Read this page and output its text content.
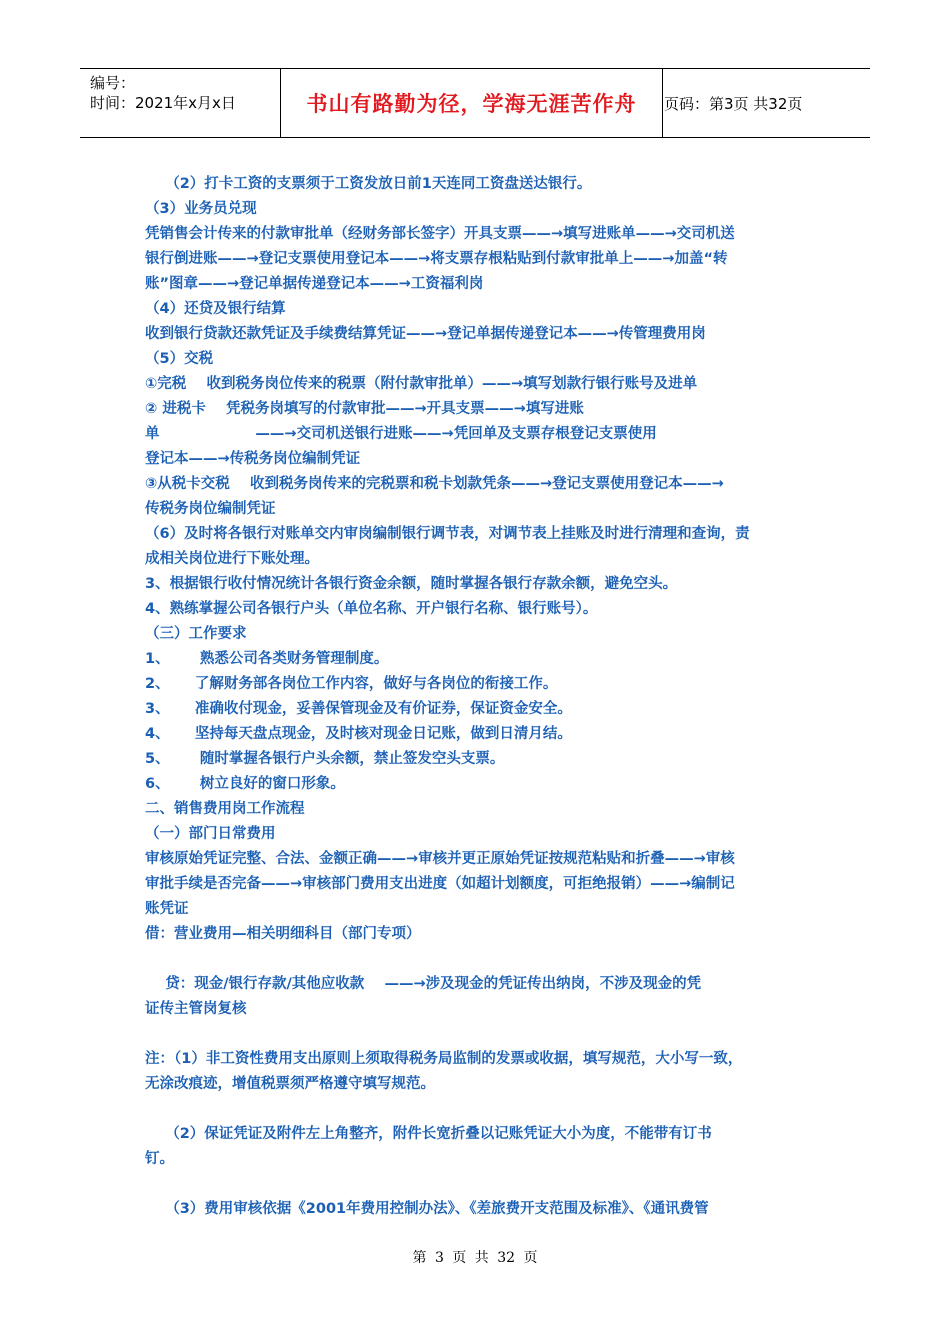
编号：
时间：2021年x月x日	书山有路勤为径，学海无涯苦作舟	页码：第3页 共32页
（2）打卡工资的支票须于工资发放日前1天连同工资盘送达银行。
（3）业务员兑现
凭销售会计传来的付款审批单（经财务部长签字）开具支票——→填写进账单——→交司机送
银行倒进账——→登记支票使用登记本——→将支票存根粘贴到付款审批单上——→加盖“转
账”图章——→登记单据传递登记本——→工资福利岗
（4）还贷及银行结算
收到银行贷款还款凭证及手续费结算凭证——→登记单据传递登记本——→传管理费用岗
（5）交税
①完税    收到税务岗位传来的税票（附付款审批单）——→填写划款行银行账号及进单
② 进税卡    凭税务岗填写的付款审批——→开具支票——→填写进账
单                   ——→交司机送银行进账——→凭回单及支票存根登记支票使用
登记本——→传税务岗位编制凭证
③从税卡交税    收到税务岗传来的完税票和税卡划款凭条——→登记支票使用登记本——→
传税务岗位编制凭证
（6）及时将各银行对账单交内审岗编制银行调节表，对调节表上挂账及时进行清理和查询，责
成相关岗位进行下账处理。
3、根据银行收付情况统计各银行资金余额，随时掌握各银行存款余额，避免空头。
4、熟练掌握公司各银行户头（单位名称、开户银行名称、银行账号）。
（三）工作要求
1、      熟悉公司各类财务管理制度。
2、     了解财务部各岗位工作内容，做好与各岗位的衔接工作。
3、     准确收付现金，妥善保管现金及有价证券，保证资金安全。
4、     坚持每天盘点现金，及时核对现金日记账，做到日清月结。
5、      随时掌握各银行户头余额，禁止签发空头支票。
6、      树立良好的窗口形象。
二、销售费用岗工作流程
（一）部门日常费用
审核原始凭证完整、合法、金额正确——→审核并更正原始凭证按规范粘贴和折叠——→审核
审批手续是否完备——→审核部门费用支出进度（如超计划额度，可拒绝报销）——→编制记
账凭证
借：营业费用—相关明细科目（部门专项）
贷：现金/银行存款/其他应收款    ——→涉及现金的凭证传出纳岗，不涉及现金的凭
证传主管岗复核
注：（1）非工资性费用支出原则上须取得税务局监制的发票或收据，填写规范，大小写一致，
无涂改痕迹，增值税票须严格遵守填写规范。
（2）保证凭证及附件左上角整齐，附件长宽折叠以记账凭证大小为度，不能带有订书
钉。
（3）费用审核依据《2001年费用控制办法》、《差旅费开支范围及标准》、《通讯费管
第 3 页 共 32 页
